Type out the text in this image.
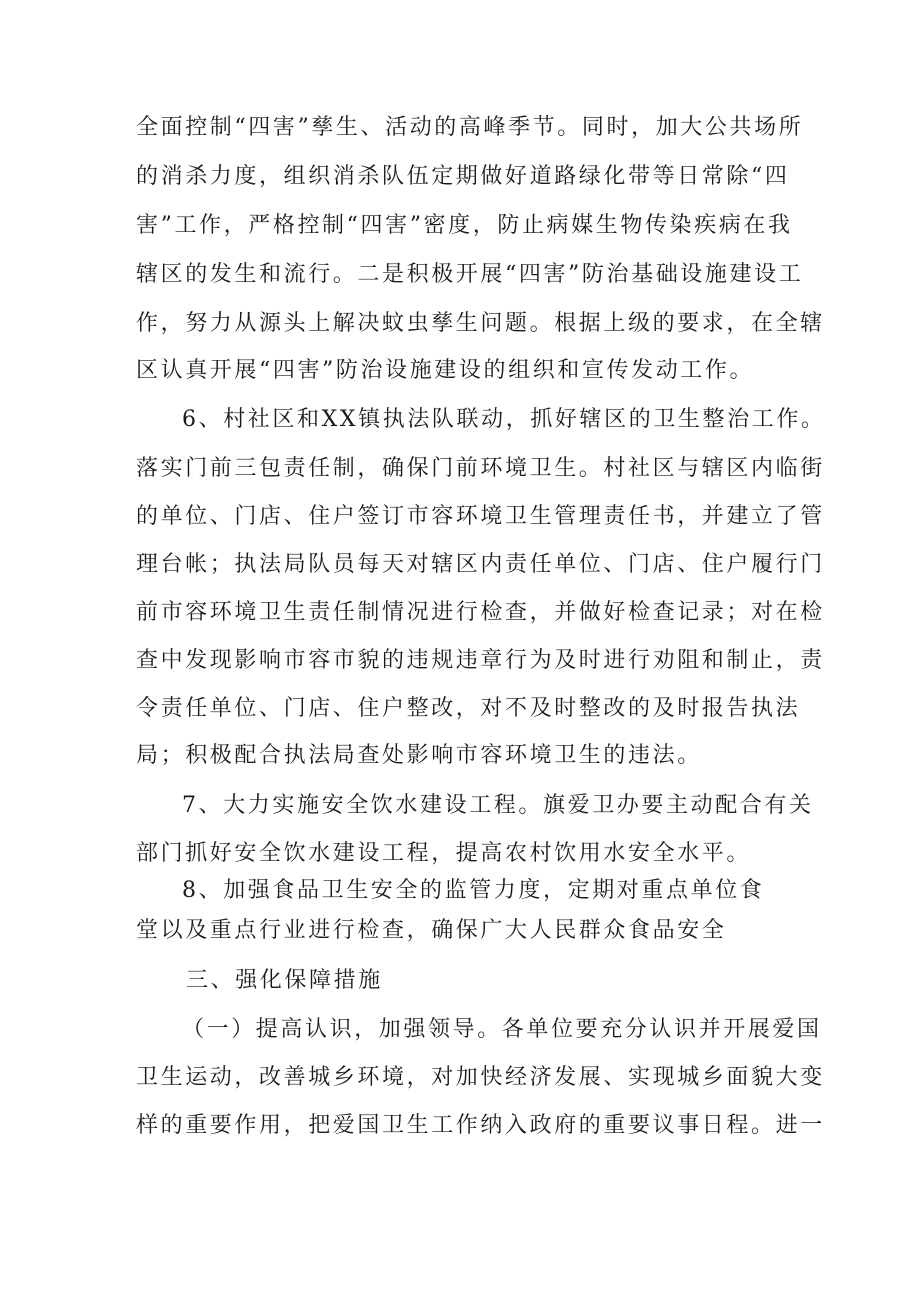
全面控制“四害”孳生、活动的高峰季节。同时，加大公共场所
的消杀力度，组织消杀队伍定期做好道路绿化带等日常除“四
害”工作，严格控制“四害”密度，防止病媒生物传染疾病在我
辖区的发生和流行。二是积极开展“四害”防治基础设施建设工
作，努力从源头上解决蚊虫孳生问题。根据上级的要求，在全辖
区认真开展“四害”防治设施建设的组织和宣传发动工作。
6、村社区和XX镇执法队联动，抓好辖区的卫生整治工作。
落实门前三包责任制，确保门前环境卫生。村社区与辖区内临街
的单位、门店、住户签订市容环境卫生管理责任书，并建立了管
理台帐；执法局队员每天对辖区内责任单位、门店、住户履行门
前市容环境卫生责任制情况进行检查，并做好检查记录；对在检
查中发现影响市容市貌的违规违章行为及时进行劝阻和制止，责
令责任单位、门店、住户整改，对不及时整改的及时报告执法
局；积极配合执法局查处影响市容环境卫生的违法。
7、大力实施安全饮水建设工程。旗爱卫办要主动配合有关
部门抓好安全饮水建设工程，提高农村饮用水安全水平。
8、加强食品卫生安全的监管力度，定期对重点单位食
堂以及重点行业进行检查，确保广大人民群众食品安全
三、强化保障措施
（一）提高认识，加强领导。各单位要充分认识并开展爱国
卫生运动，改善城乡环境，对加快经济发展、实现城乡面貌大变
样的重要作用，把爱国卫生工作纳入政府的重要议事日程。进一
